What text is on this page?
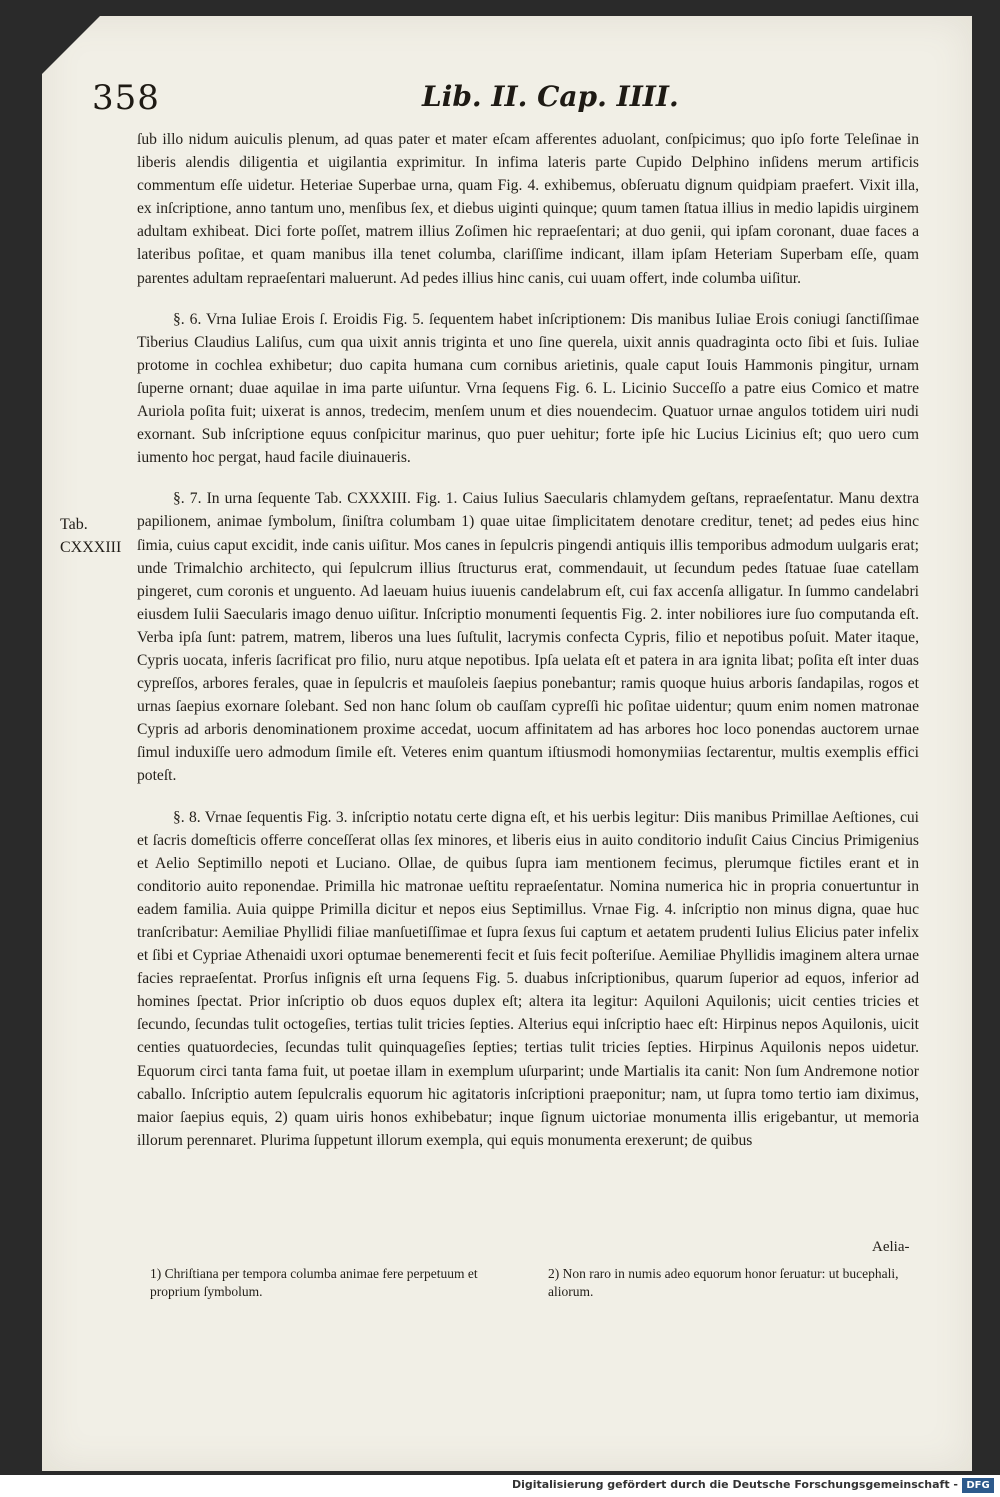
358	Lib. II. Cap. IIII.
Tab.
CXXXIII

ſub illo nidum auiculis plenum, ad quas pater et mater eſcam afferentes aduolant, conſpicimus; quo ipſo forte Teleſinae in liberis alendis diligentia et uigilantia exprimitur. In infima lateris parte Cupido Delphino inſidens merum artificis commentum eſſe uidetur. Heteriae Superbae urna, quam Fig. 4. exhibemus, obſeruatu dignum quidpiam praefert. Vixit illa, ex inſcriptione, anno tantum uno, menſibus ſex, et diebus uiginti quinque; quum tamen ſtatua illius in medio lapidis uirginem adultam exhibeat. Dici forte poſſet, matrem illius Zoſimen hic repraeſentari; at duo genii, qui ipſam coronant, duae faces a lateribus poſitae, et quam manibus illa tenet columba, clariſſime indicant, illam ipſam Heteriam Superbam eſſe, quam parentes adultam repraeſentari maluerunt. Ad pedes illius hinc canis, cui uuam offert, inde columba uiſitur.

§. 6. Vrna Iuliae Erois ſ. Eroidis Fig. 5. ſequentem habet inſcriptionem: Dis manibus Iuliae Erois coniugi ſanctiſſimae Tiberius Claudius Laliſus, cum qua uixit annis triginta et uno ſine querela, uixit annis quadraginta octo ſibi et ſuis. Iuliae protome in cochlea exhibetur; duo capita humana cum cornibus arietinis, quale caput Iouis Hammonis pingitur, urnam ſuperne ornant; duae aquilae in ima parte uiſuntur. Vrna ſequens Fig. 6. L. Licinio Succeſſo a patre eius Comico et matre Auriola poſita fuit; uixerat is annos, tredecim, menſem unum et dies nouendecim. Quatuor urnae angulos totidem uiri nudi exornant. Sub inſcriptione equus conſpicitur marinus, quo puer uehitur; forte ipſe hic Lucius Licinius eſt; quo uero cum iumento hoc pergat, haud facile diuinaueris.

§. 7. In urna ſequente Tab. CXXXIII. Fig. 1. Caius Iulius Saecularis chlamydem geſtans, repraeſentatur. Manu dextra papilionem, animae ſymbolum, ſiniſtra columbam 1) quae uitae ſimplicitatem denotare creditur, tenet; ad pedes eius hinc ſimia, cuius caput excidit, inde canis uiſitur. Mos canes in ſepulcris pingendi antiquis illis temporibus admodum uulgaris erat; unde Trimalchio architecto, qui ſepulcrum illius ſtructurus erat, commendauit, ut ſecundum pedes ſtatuae ſuae catellam pingeret, cum coronis et unguento. Ad laeuam huius iuuenis candelabrum eſt, cui fax accenſa alligatur. In ſummo candelabri eiusdem Iulii Saecularis imago denuo uiſitur. Inſcriptio monumenti ſequentis Fig. 2. inter nobiliores iure ſuo computanda eſt. Verba ipſa ſunt: patrem, matrem, liberos una lues ſuſtulit, lacrymis confecta Cypris, filio et nepotibus poſuit. Mater itaque, Cypris uocata, inferis ſacrificat pro filio, nuru atque nepotibus. Ipſa uelata eſt et patera in ara ignita libat; poſita eſt inter duas cypreſſos, arbores ferales, quae in ſepulcris et mauſoleis ſaepius ponebantur; ramis quoque huius arboris ſandapilas, rogos et urnas ſaepius exornare ſolebant. Sed non hanc ſolum ob cauſſam cypreſſi hic poſitae uidentur; quum enim nomen matronae Cypris ad arboris denominationem proxime accedat, uocum affinitatem ad has arbores hoc loco ponendas auctorem urnae ſimul induxiſſe uero admodum ſimile eſt. Veteres enim quantum iſtiusmodi homonymiias ſectarentur, multis exemplis effici poteſt.

§. 8. Vrnae ſequentis Fig. 3. inſcriptio notatu certe digna eſt, et his uerbis legitur: Diis manibus Primillae Aeſtiones, cui et ſacris domeſticis offerre conceſſerat ollas ſex minores, et liberis eius in auito conditorio induſit Caius Cincius Primigenius et Aelio Septimillo nepoti et Luciano. Ollae, de quibus ſupra iam mentionem fecimus, plerumque fictiles erant et in conditorio auito reponendae. Primilla hic matronae ueſtitu repraeſentatur. Nomina numerica hic in propria conuertuntur in eadem familia. Auia quippe Primilla dicitur et nepos eius Septimillus. Vrnae Fig. 4. inſcriptio non minus digna, quae huc tranſcribatur: Aemiliae Phyllidi filiae manſuetiſſimae et ſupra ſexus ſui captum et aetatem prudenti Iulius Elicius pater infelix et ſibi et Cypriae Athenaidi uxori optumae benemerenti fecit et ſuis fecit poſteriſue. Aemiliae Phyllidis imaginem altera urnae facies repraeſentat. Prorſus inſignis eſt urna ſequens Fig. 5. duabus inſcriptionibus, quarum ſuperior ad equos, inferior ad homines ſpectat. Prior inſcriptio ob duos equos duplex eſt; altera ita legitur: Aquiloni Aquilonis; uicit centies tricies et ſecundo, ſecundas tulit octogeſies, tertias tulit tricies ſepties. Alterius equi inſcriptio haec eſt: Hirpinus nepos Aquilonis, uicit centies quatuordecies, ſecundas tulit quinquageſies ſepties; tertias tulit tricies ſepties. Hirpinus Aquilonis nepos uidetur. Equorum circi tanta fama fuit, ut poetae illam in exemplum uſurparint; unde Martialis ita canit: Non ſum Andremone notior caballo. Inſcriptio autem ſepulcralis equorum hic agitatoris inſcriptioni praeponitur; nam, ut ſupra tomo tertio iam diximus, maior ſaepius equis, 2) quam uiris honos exhibebatur; inque ſignum uictoriae monumenta illis erigebantur, ut memoria illorum perennaret. Plurima ſuppetunt illorum exempla, qui equis monumenta erexerunt; de quibus

Aelia-
1) Chriſtiana per tempora columba animae fere perpetuum et proprium ſymbolum.
2) Non raro in numis adeo equorum honor ſeruatur: ut bucephali, aliorum.
Digitalisierung gefördert durch die Deutsche Forschungsgemeinschaft - DFG
